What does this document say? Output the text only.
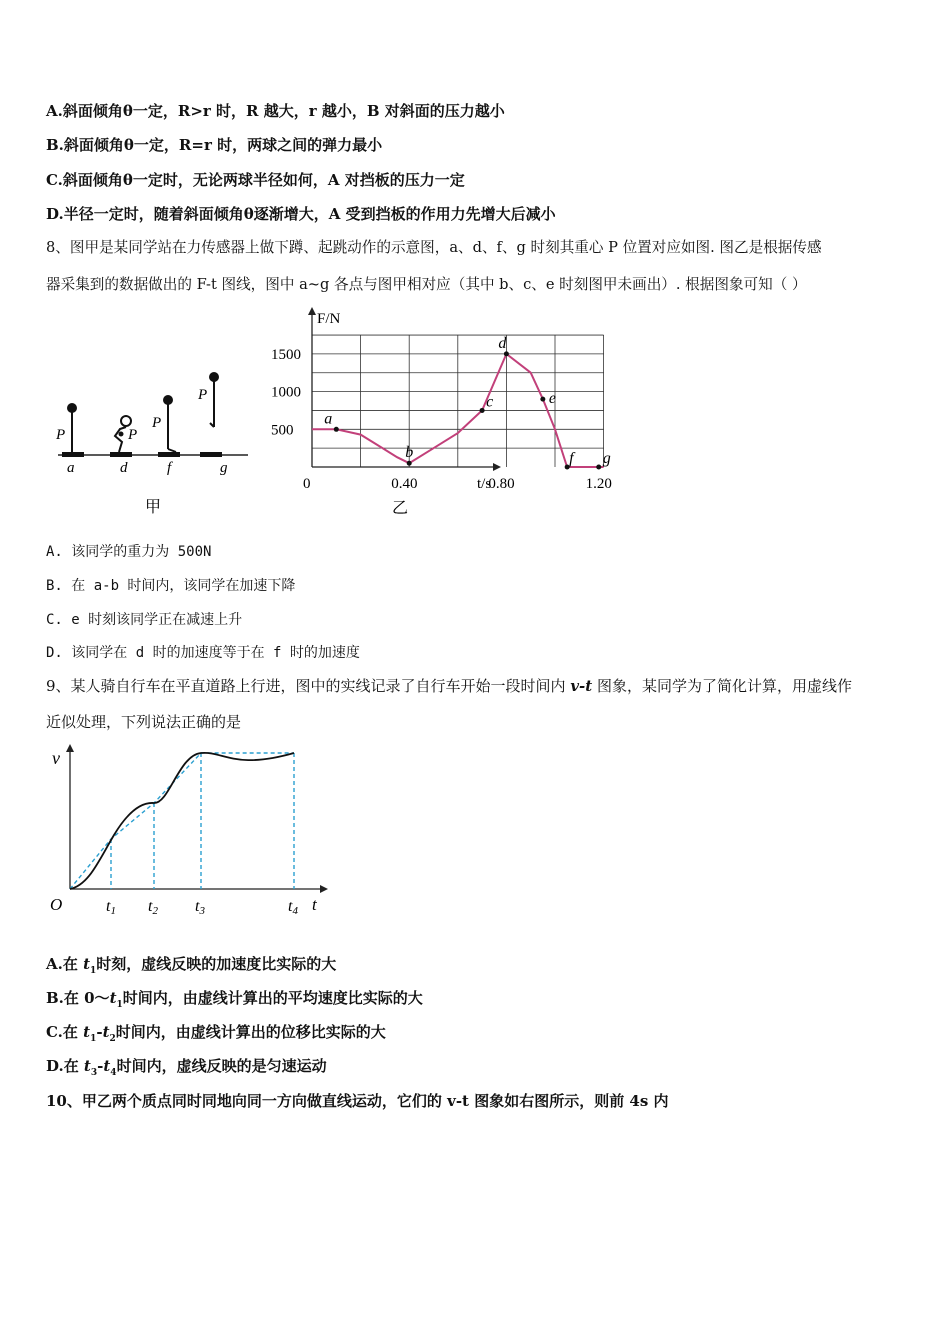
A.斜面倾角θ一定，R>r 时，R 越大，r 越小，B 对斜面的压力越小
B.斜面倾角θ一定，R=r 时，两球之间的弹力最小
C.斜面倾角θ一定时，无论两球半径如何，A 对挡板的压力一定
D.半径一定时，随着斜面倾角θ逐渐增大，A 受到挡板的作用力先增大后减小
8、图甲是某同学站在力传感器上做下蹲、起跳动作的示意图，a、d、f、g 时刻其重心 P 位置对应如图. 图乙是根据传感
器采集到的数据做出的 F-t 图线，图中 a~g 各点与图甲相对应（其中 b、c、e 时刻图甲未画出）. 根据图象可知（ ）
P
a
P
d
P
f
P
g
甲
F/N
t/s
0
1500
1000
500
0.40	0.80	1.20
a
b
c
d
e
f g
乙
A. 该同学的重力为 500N
B. 在 a-b 时间内，该同学在加速下降
C. e 时刻该同学正在减速上升
D. 该同学在 d 时的加速度等于在 f 时的加速度
9、某人骑自行车在平直道路上行进，图中的实线记录了自行车开始一段时间内 v-t 图象，某同学为了简化计算，用虚线作
近似处理，下列说法正确的是
v
O	t
t1 t2 t3	t4
A.在 $t_1$时刻，虚线反映的加速度比实际的大
B.在 $0\sim t_1$时间内，由虚线计算出的平均速度比实际的大
C.在 $t_1-t_2$时间内，由虚线计算出的位移比实际的大
D.在 $t_3-t_4$时间内，虚线反映的是匀速运动
10、甲乙两个质点同时同地向同一方向做直线运动，它们的 v-t 图象如右图所示，则前 4s 内
